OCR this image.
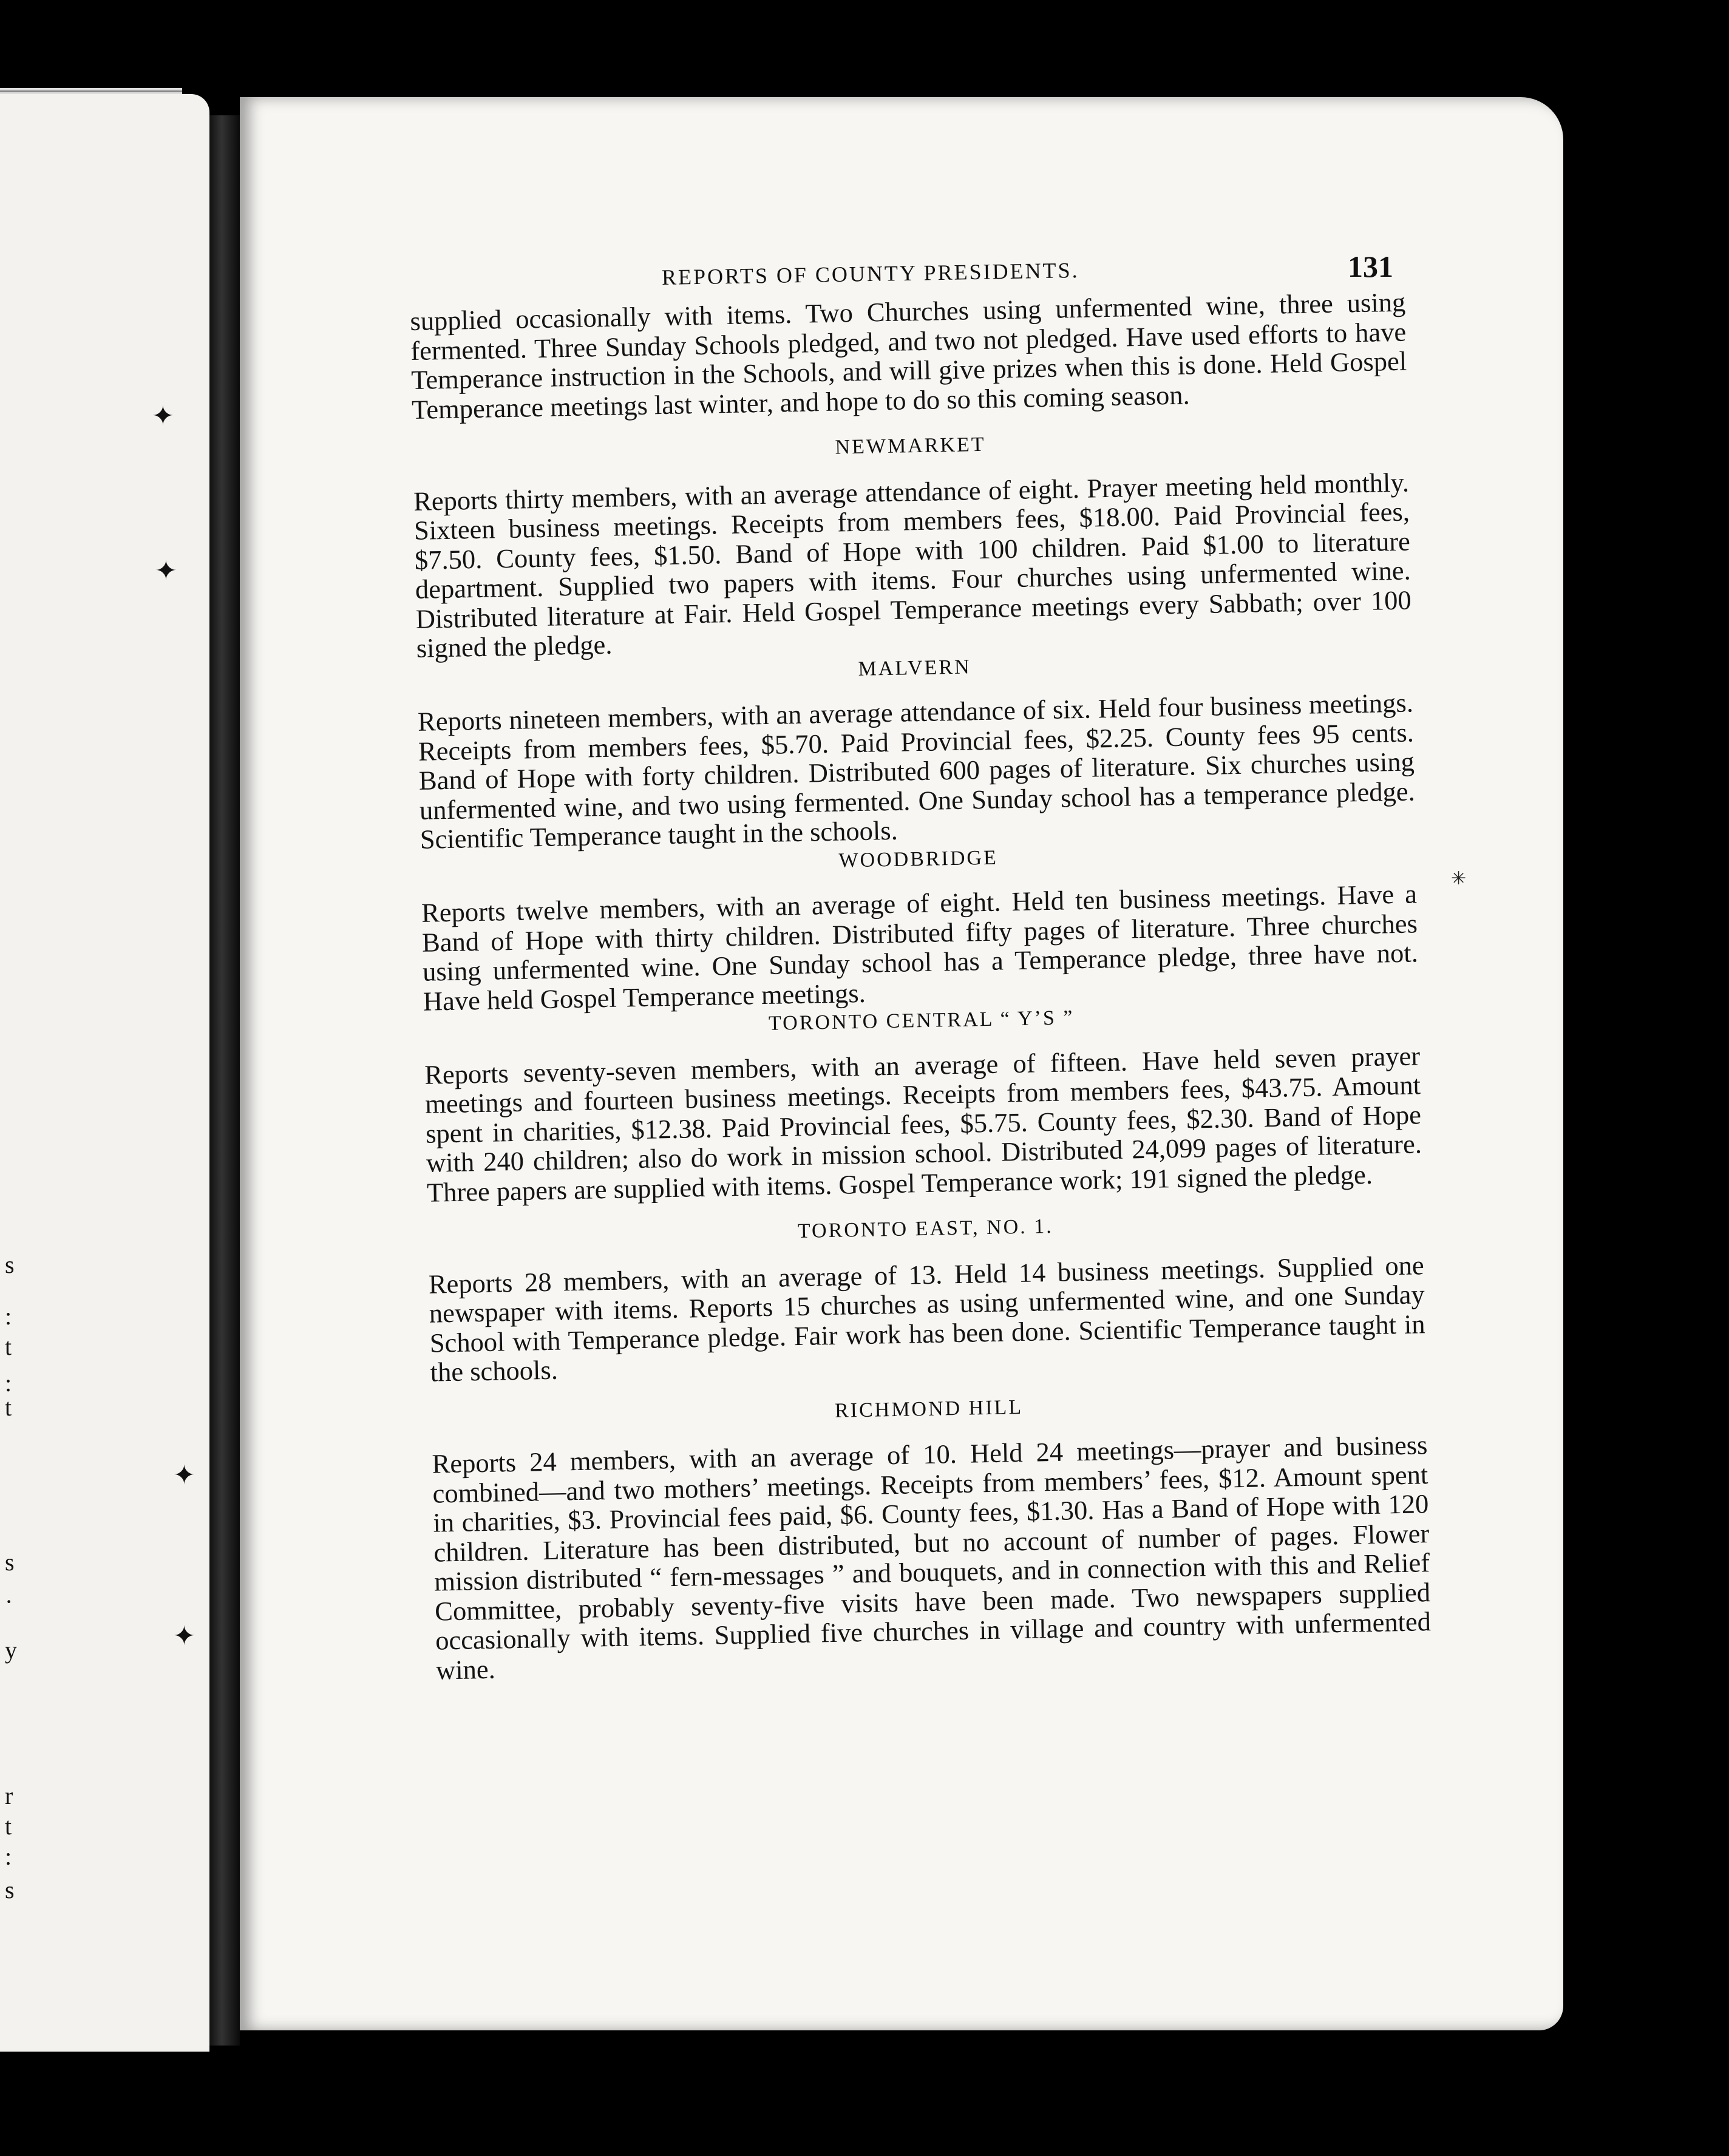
s
:
t
:
t
s
·
y
r
t
:
s
✦
✦
✦
✦
✳
REPORTS OF COUNTY PRESIDENTS.	131

supplied occasionally with items. Two Churches using unfermented wine, three using fermented. Three Sunday Schools pledged, and two not pledged. Have used efforts to have Temperance instruction in the Schools, and will give prizes when this is done. Held Gospel Temperance meetings last winter, and hope to do so this coming season.

NEWMARKET

Reports thirty members, with an average attendance of eight. Prayer meeting held monthly. Sixteen business meetings. Receipts from members fees, $18.00. Paid Provincial fees, $7.50. County fees, $1.50. Band of Hope with 100 children. Paid $1.00 to literature department. Supplied two papers with items. Four churches using unfermented wine. Distributed literature at Fair. Held Gospel Temperance meetings every Sabbath; over 100 signed the pledge.

MALVERN

Reports nineteen members, with an average attendance of six. Held four business meetings. Receipts from members fees, $5.70. Paid Provincial fees, $2.25. County fees 95 cents. Band of Hope with forty children. Distributed 600 pages of literature. Six churches using unfermented wine, and two using fermented. One Sunday school has a temperance pledge. Scientific Temperance taught in the schools.

WOODBRIDGE

Reports twelve members, with an average of eight. Held ten business meetings. Have a Band of Hope with thirty children. Distributed fifty pages of literature. Three churches using unfermented wine. One Sunday school has a Temperance pledge, three have not. Have held Gospel Temperance meetings.

TORONTO CENTRAL “ Y’S ”

Reports seventy-seven members, with an average of fifteen. Have held seven prayer meetings and fourteen business meetings. Receipts from members fees, $43.75. Amount spent in charities, $12.38. Paid Provincial fees, $5.75. County fees, $2.30. Band of Hope with 240 children; also do work in mission school. Distributed 24,099 pages of literature. Three papers are supplied with items. Gospel Temperance work; 191 signed the pledge.

TORONTO EAST, NO. 1.

Reports 28 members, with an average of 13. Held 14 business meetings. Supplied one newspaper with items. Reports 15 churches as using unfermented wine, and one Sunday School with Temperance pledge. Fair work has been done. Scientific Temperance taught in the schools.

RICHMOND HILL

Reports 24 members, with an average of 10. Held 24 meetings—prayer and business combined—and two mothers’ meetings. Receipts from members’ fees, $12. Amount spent in charities, $3. Provincial fees paid, $6. County fees, $1.30. Has a Band of Hope with 120 children. Literature has been distributed, but no account of number of pages. Flower mission distributed “ fern-messages ” and bouquets, and in connection with this and Relief Committee, probably seventy-five visits have been made. Two newspapers supplied occasionally with items. Supplied five churches in village and country with unfermented wine.
